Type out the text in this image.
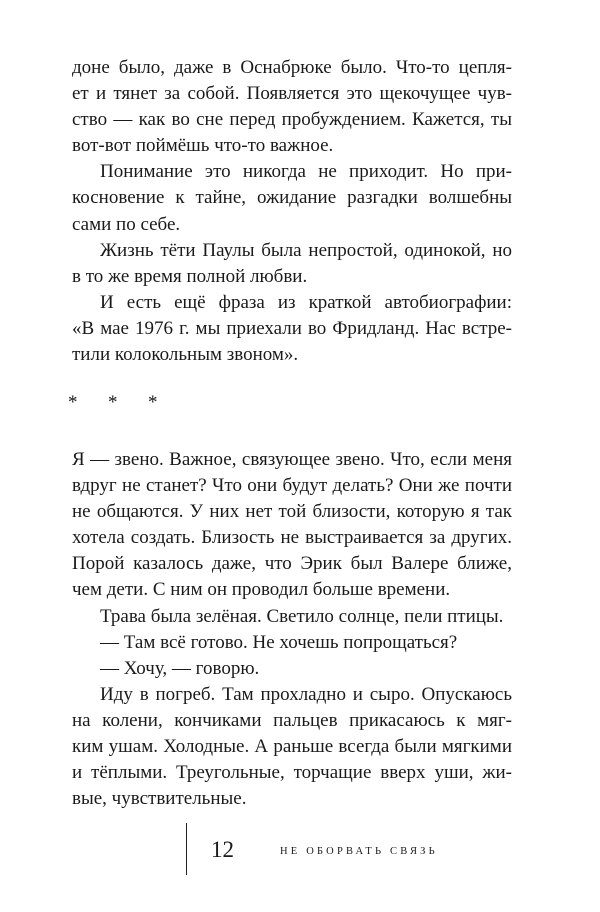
доне было, даже в Оснабрюке было. Что-то цепля-
ет и тянет за собой. Появляется это щекочущее чув-
ство — как во сне перед пробуждением. Кажется, ты
вот-вот поймёшь что-то важное.
Понимание это никогда не приходит. Но при-
косновение к тайне, ожидание разгадки волшебны
сами по себе.
Жизнь тёти Паулы была непростой, одинокой, но
в то же время полной любви.
И есть ещё фраза из краткой автобиографии:
«В мае 1976 г. мы приехали во Фридланд. Нас встре-
тили колокольным звоном».
* * *
Я — звено. Важное, связующее звено. Что, если меня
вдруг не станет? Что они будут делать? Они же почти
не общаются. У них нет той близости, которую я так
хотела создать. Близость не выстраивается за других.
Порой казалось даже, что Эрик был Валере ближе,
чем дети. С ним он проводил больше времени.
Трава была зелёная. Светило солнце, пели птицы.
— Там всё готово. Не хочешь попрощаться?
— Хочу, — говорю.
Иду в погреб. Там прохладно и сыро. Опускаюсь
на колени, кончиками пальцев прикасаюсь к мяг-
ким ушам. Холодные. А раньше всегда были мягкими
и тёплыми. Треугольные, торчащие вверх уши, жи-
вые, чувствительные.
12	НЕ ОБОРВАТЬ СВЯЗЬ
